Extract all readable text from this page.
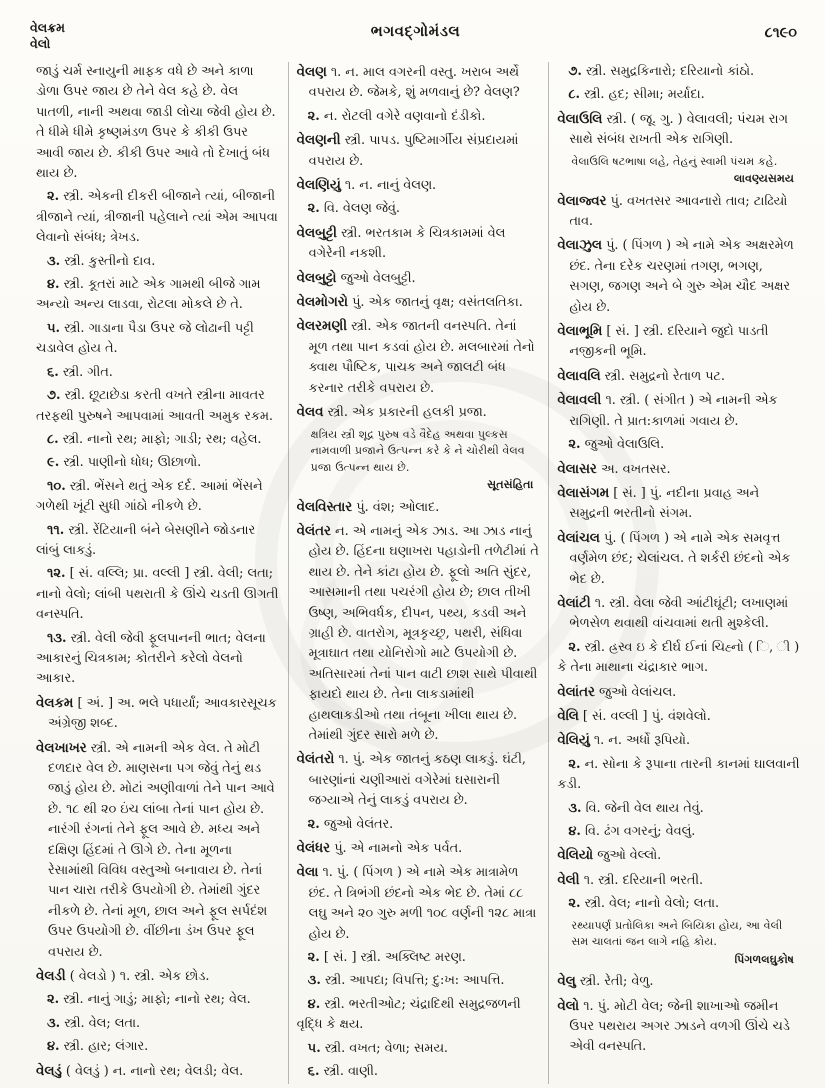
વેલક્રમ
વેલો
ભગવદ્ગોમંડલ	૮૧૯૦

જાડું ચર્મ સ્નાયુની માફક વધે છે અને કાળા ડોળા ઉપર જાય છે તેને વેલ કહે છે. વેલ પાતળી, નાની અથવા જાડી લોચા જેવી હોય છે. તે ધીમે ધીમે કૃષ્ણમંડળ ઉપર કે કીકી ઉપર આવી જાય છે. કીકી ઉપર આવે તો દેખાતું બંધ થાય છે.

૨. સ્ત્રી. એકની દીકરી બીજાને ત્યાં, બીજાની ત્રીજાને ત્યાં, ત્રીજાની પહેલાને ત્યાં એમ આપવા લેવાનો સંબંધ; ત્રેખડ.

૩. સ્ત્રી. કુસ્તીનો દાવ.

૪. સ્ત્રી. કૂતરાં માટે એક ગામથી બીજે ગામ અન્યો અન્ય લાડવા, રોટલા મોકલે છે તે.

૫. સ્ત્રી. ગાડાના પૈડા ઉપર જે લોઢાની પટ્ટી ચડાવેલ હોય તે.

૬. સ્ત્રી. ગીત.

૭. સ્ત્રી. છૂટાછેડા કરતી વખતે સ્ત્રીના માવતર તરફથી પુરુષને આપવામાં આવતી અમુક રકમ.

૮. સ્ત્રી. નાનો રથ; માફો; ગાડી; રથ; વહેલ.

૯. સ્ત્રી. પાણીનો ધોધ; ઊછાળો.

૧૦. સ્ત્રી. ભેંસને થતું એક દર્દ. આમાં ભેંસને ગળેથી ખૂંટી સુધી ગાંઠો નીકળે છે.

૧૧. સ્ત્રી. રેંટિયાની બંને બેસણીને જોડનાર લાંબું લાકડું.

૧૨. [ સં. વલ્લિ; પ્રા. વલ્લી ] સ્ત્રી. વેલી; લતા; નાનો વેલો; લાંબી પથરાતી કે ઊંચે ચડતી ઊગતી વનસ્પતિ.

૧૩. સ્ત્રી. વેલી જેવી ફૂલપાનની ભાત; વેલના આકારનું ચિત્રકામ; કોતરીને કરેલો વેલનો આકાર.

વેલકમ [ અં. ] અ. ભલે પધાર્યાં; આવકારસૂચક અંગ્રેજી શબ્દ.

વેલખાખર સ્ત્રી. એ નામની એક વેલ. તે મોટી દળદાર વેલ છે. માણસના પગ જેવું તેનું થડ જાડું હોય છે. મોટાં અણીવાળાં તેને પાન આવે છે. ૧૮ થી ૨૦ ઇંચ લાંબા તેનાં પાન હોય છે. નારંગી રંગનાં તેને ફૂલ આવે છે. મધ્ય અને દક્ષિણ હિંદમાં તે ઊગે છે. તેના મૂળના રેસામાંથી વિવિધ વસ્તુઓ બનાવાય છે. તેનાં પાન ચારા તરીકે ઉપયોગી છે. તેમાંથી ગુંદર નીકળે છે. તેનાં મૂળ, છાલ અને ફૂલ સર્પદંશ ઉપર ઉપયોગી છે. વીંછીના ડંખ ઉપર ફૂલ વપરાય છે.

વેલડી ( વેલડો ) ૧. સ્ત્રી. એક છોડ.

૨. સ્ત્રી. નાનું ગાડું; માફો; નાનો રથ; વેલ.

૩. સ્ત્રી. વેલ; લતા.

૪. સ્ત્રી. હાર; લંગાર.

વેલડું ( વેલડું ) ન. નાનો રથ; વેલડી; વેલ.

વેલણ ૧. ન. માલ વગરની વસ્તુ. ખરાબ અર્થે વપરાય છે. જેમકે, શું મળવાનું છે? વેલણ?

૨. ન. રોટલી વગેરે વણવાનો દંડીકો.

વેલણની સ્ત્રી. પાપડ. પુષ્ટિમાર્ગીય સંપ્રદાયમાં વપરાય છે.

વેલણિયું ૧. ન. નાનું વેલણ.

૨. વિ. વેલણ જેવું.

વેલબુટ્ટી સ્ત્રી. ભરતકામ કે ચિત્રકામમાં વેલ વગેરેની નકશી.

વેલબુટ્ટો જુઓ વેલબુટ્ટી.

વેલમોગરો પું. એક જાતનું વૃક્ષ; વસંતલતિકા.

વેલરમણી સ્ત્રી. એક જાતની વનસ્પતિ. તેનાં મૂળ તથા પાન કડવાં હોય છે. મલબારમાં તેનો ક્વાથ પૌષ્ટિક, પાચક અને જાલટી બંધ કરનાર તરીકે વપરાય છે.

વેલવ સ્ત્રી. એક પ્રકારની હલકી પ્રજા.

ક્ષત્રિય સ્ત્રી શૂદ્ર પુરુષ વડે વૈદેહ અથવા પુલ્કસ નામવાળી પ્રજાને ઉત્પન્ન કરે કે ને ચોરીથી વેલવ પ્રજા ઉત્પન્ન થાય છે.
સૂતસંહિતા

વેલવિસ્તાર પું. વંશ; ઓલાદ.

વેલંતર ન. એ નામનું એક ઝાડ. આ ઝાડ નાનું હોય છે. હિંદના ઘણાખરા પહાડોની તળેટીમાં તે થાય છે. તેને કાંટા હોય છે. ફૂલો અતિ સુંદર, આસમાની તથા પચરંગી હોય છે; છાલ તીખી ઉષ્ણ, અભિવર્ધક, દીપન, પથ્ય, કડવી અને ગ્રાહી છે. વાતરોગ, મૂત્રકૃચ્છ્ર, પથરી, સંધિવા મૂત્રાઘાત તથા યોનિરોગો માટે ઉપયોગી છે. અતિસારમાં તેનાં પાન વાટી છાશ સાથે પીવાથી ફાયદો થાય છે. તેના લાકડામાંથી હાથલાકડીઓ તથા તંબૂના ખીલા થાય છે. તેમાંથી ગુંદર સારો મળે છે.

વેલંતરો ૧. પું. એક જાતનું કઠણ લાકડું. ઘંટી, બારણાંનાં ચણીઆરાં વગેરેમાં ઘસારાની જગ્યાએ તેનું લાકડું વપરાય છે.

૨. જુઓ વેલંતર.

વેલંધર પું. એ નામનો એક પર્વત.

વેલા ૧. પું. ( પિંગળ ) એ નામે એક માત્રામેળ છંદ. તે ત્રિભંગી છંદનો એક ભેદ છે. તેમાં ૮૮ લઘુ અને ૨૦ ગુરુ મળી ૧૦૮ વર્ણની ૧૨૮ માત્રા હોય છે.

૨. [ સં. ] સ્ત્રી. અક્લિષ્ટ મરણ.

૩. સ્ત્રી. આપદા; વિપત્તિ; દુ:ખ: આપત્તિ.

૪. સ્ત્રી. ભરતીઓટ; ચંદ્રાદિથી સમુદ્રજળની વૃદ્ધિ કે ક્ષય.

૫. સ્ત્રી. વખત; વેળા; સમય.

૬. સ્ત્રી. વાણી.

૭. સ્ત્રી. સમુદ્રકિનારો; દરિયાનો કાંઠો.

૮. સ્ત્રી. હદ; સીમા; મર્યાદા.

વેલાઉલિ સ્ત્રી. ( જૂ. ગુ. ) વેલાવલી; પંચમ રાગ સાથે સંબંધ રાખતી એક રાગિણી.

વેલાઉલિ ષટભાષા લહે, તેહનું સ્વામી પંચમ કહે.
લાવણ્યસમય

વેલાજ્વર પું. વખતસર આવનારો તાવ; ટાઢિયો તાવ.

વેલાઝુલ પું. ( પિંગળ ) એ નામે એક અક્ષરમેળ છંદ. તેના દરેક ચરણમાં તગણ, ભગણ, સગણ, જગણ અને બે ગુરુ એમ ચૌદ અક્ષર હોય છે.

વેલાભૂમિ [ સં. ] સ્ત્રી. દરિયાને જુદો પાડતી નજીકની ભૂમિ.

વેલાવલિ સ્ત્રી. સમુદ્રનો રેતાળ પટ.

વેલાવલી ૧. સ્ત્રી. ( સંગીત ) એ નામની એક રાગિણી. તે પ્રાત:કાળમાં ગવાય છે.

૨. જુઓ વેલાઉલિ.

વેલાસર અ. વખતસર.

વેલાસંગમ [ સં. ] પું. નદીના પ્રવાહ અને સમુદ્રની ભરતીનો સંગમ.

વેલાંચલ પું. ( પિંગળ ) એ નામે એક સમવૃત્ત વર્ણમેળ છંદ; ચેલાંચલ. તે શર્કરી છંદનો એક ભેદ છે.

વેલાંટી ૧. સ્ત્રી. વેલા જેવી આંટીઘૂંટી; લખાણમાં ભેળસેળ થવાથી વાંચવામાં થતી મુશ્કેલી.

૨. સ્ત્રી. હ્રસ્વ ઇ કે દીર્ઘ ઈનાં ચિહ્નો ( િ, ી ) કે તેના માથાના ચંદ્રાકાર ભાગ.

વેલાંતર જુઓ વેલાંચલ.

વેલિ [ સં. વલ્લી ] પું. વંશવેલો.

વેલિયું ૧. ન. અર્ધો રૂપિયો.

૨. ન. સોના કે રૂપાના તારની કાનમાં ઘાલવાની કડી.

૩. વિ. જેની વેલ થાય તેવું.

૪. વિ. ઢંગ વગરનું; વેવલું.

વેલિયો જુઓ વેલ્લો.

વેલી ૧. સ્ત્રી. દરિયાની ભરતી.

૨. સ્ત્રી. વેલ; નાનો વેલો; લતા.

રથ્યાપર્ણ પ્રતોલિકા અને બિયિકા હોય, આ વેલી સમ ચાલતાં જન લાગે નહિ કોય.
પિંગળલઘુકોષ

વેલુ સ્ત્રી. રેતી; વેળુ.

વેલો ૧. પું. મોટી વેલ; જેની શાખાઓ જમીન ઉપર પથરાય અગર ઝાડને વળગી ઊંચે ચડે એવી વનસ્પતિ.
